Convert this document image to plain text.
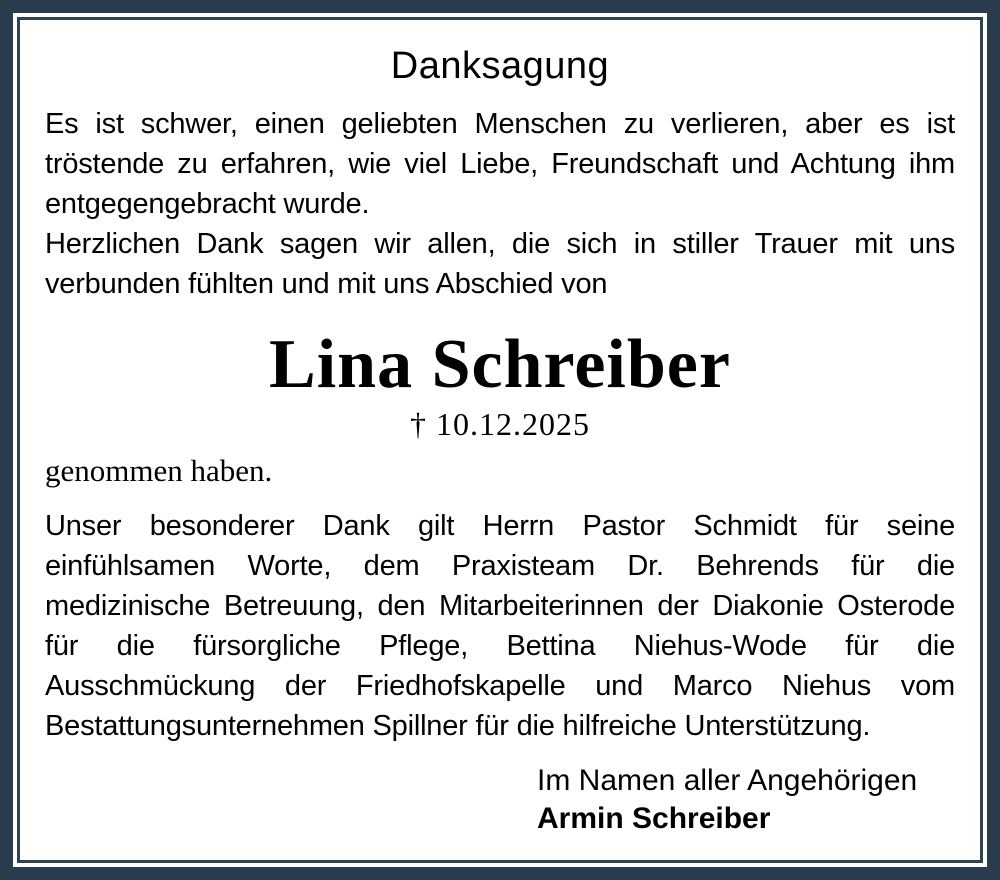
Danksagung

Es ist schwer, einen geliebten Menschen zu verlieren, aber es ist tröstende zu erfahren, wie viel Liebe, Freundschaft und Achtung ihm entgegengebracht wurde.

Herzlichen Dank sagen wir allen, die sich in stiller Trauer mit uns verbunden fühlten und mit uns Abschied von

Lina Schreiber
† 10.12.2025

genommen haben.

Unser besonderer Dank gilt Herrn Pastor Schmidt für seine einfühlsamen Worte, dem Praxisteam Dr. Behrends für die medizinische Betreuung, den Mitarbeiterinnen der Diakonie Osterode für die fürsorgliche Pflege, Bettina Niehus-Wode für die Ausschmückung der Friedhofskapelle und Marco Niehus vom Bestattungsunternehmen Spillner für die hilfreiche Unterstützung.

Im Namen aller Angehörigen
Armin Schreiber
